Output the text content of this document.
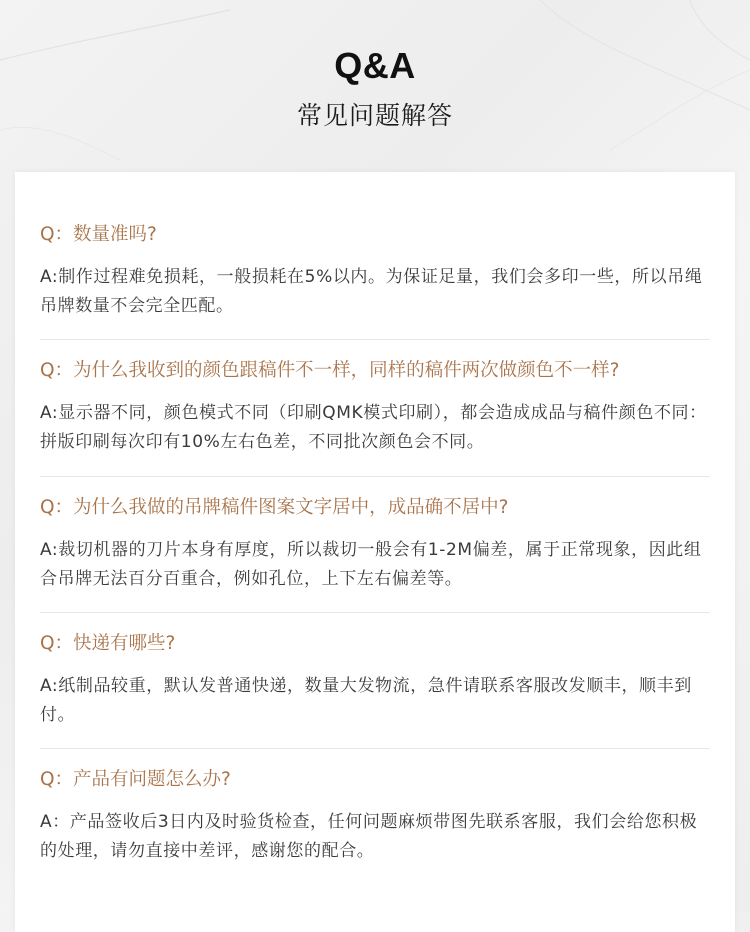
Q&A
常见问题解答
Q：数量准吗?
A:制作过程难免损耗，一般损耗在5%以内。为保证足量，我们会多印一些，所以吊绳吊牌数量不会完全匹配。
Q：为什么我收到的颜色跟稿件不一样，同样的稿件两次做颜色不一样?
A:显示器不同，颜色模式不同（印刷QMK模式印刷），都会造成成品与稿件颜色不同：拼版印刷每次印有10%左右色差，不同批次颜色会不同。
Q：为什么我做的吊牌稿件图案文字居中，成品确不居中?
A:裁切机器的刀片本身有厚度，所以裁切一般会有1-2M偏差，属于正常现象，因此组合吊牌无法百分百重合，例如孔位，上下左右偏差等。
Q：快递有哪些?
A:纸制品较重，默认发普通快递，数量大发物流，急件请联系客服改发顺丰，顺丰到付。
Q：产品有问题怎么办?
A：产品签收后3日内及时验货检查，任何问题麻烦带图先联系客服，我们会给您积极的处理，请勿直接中差评，感谢您的配合。
